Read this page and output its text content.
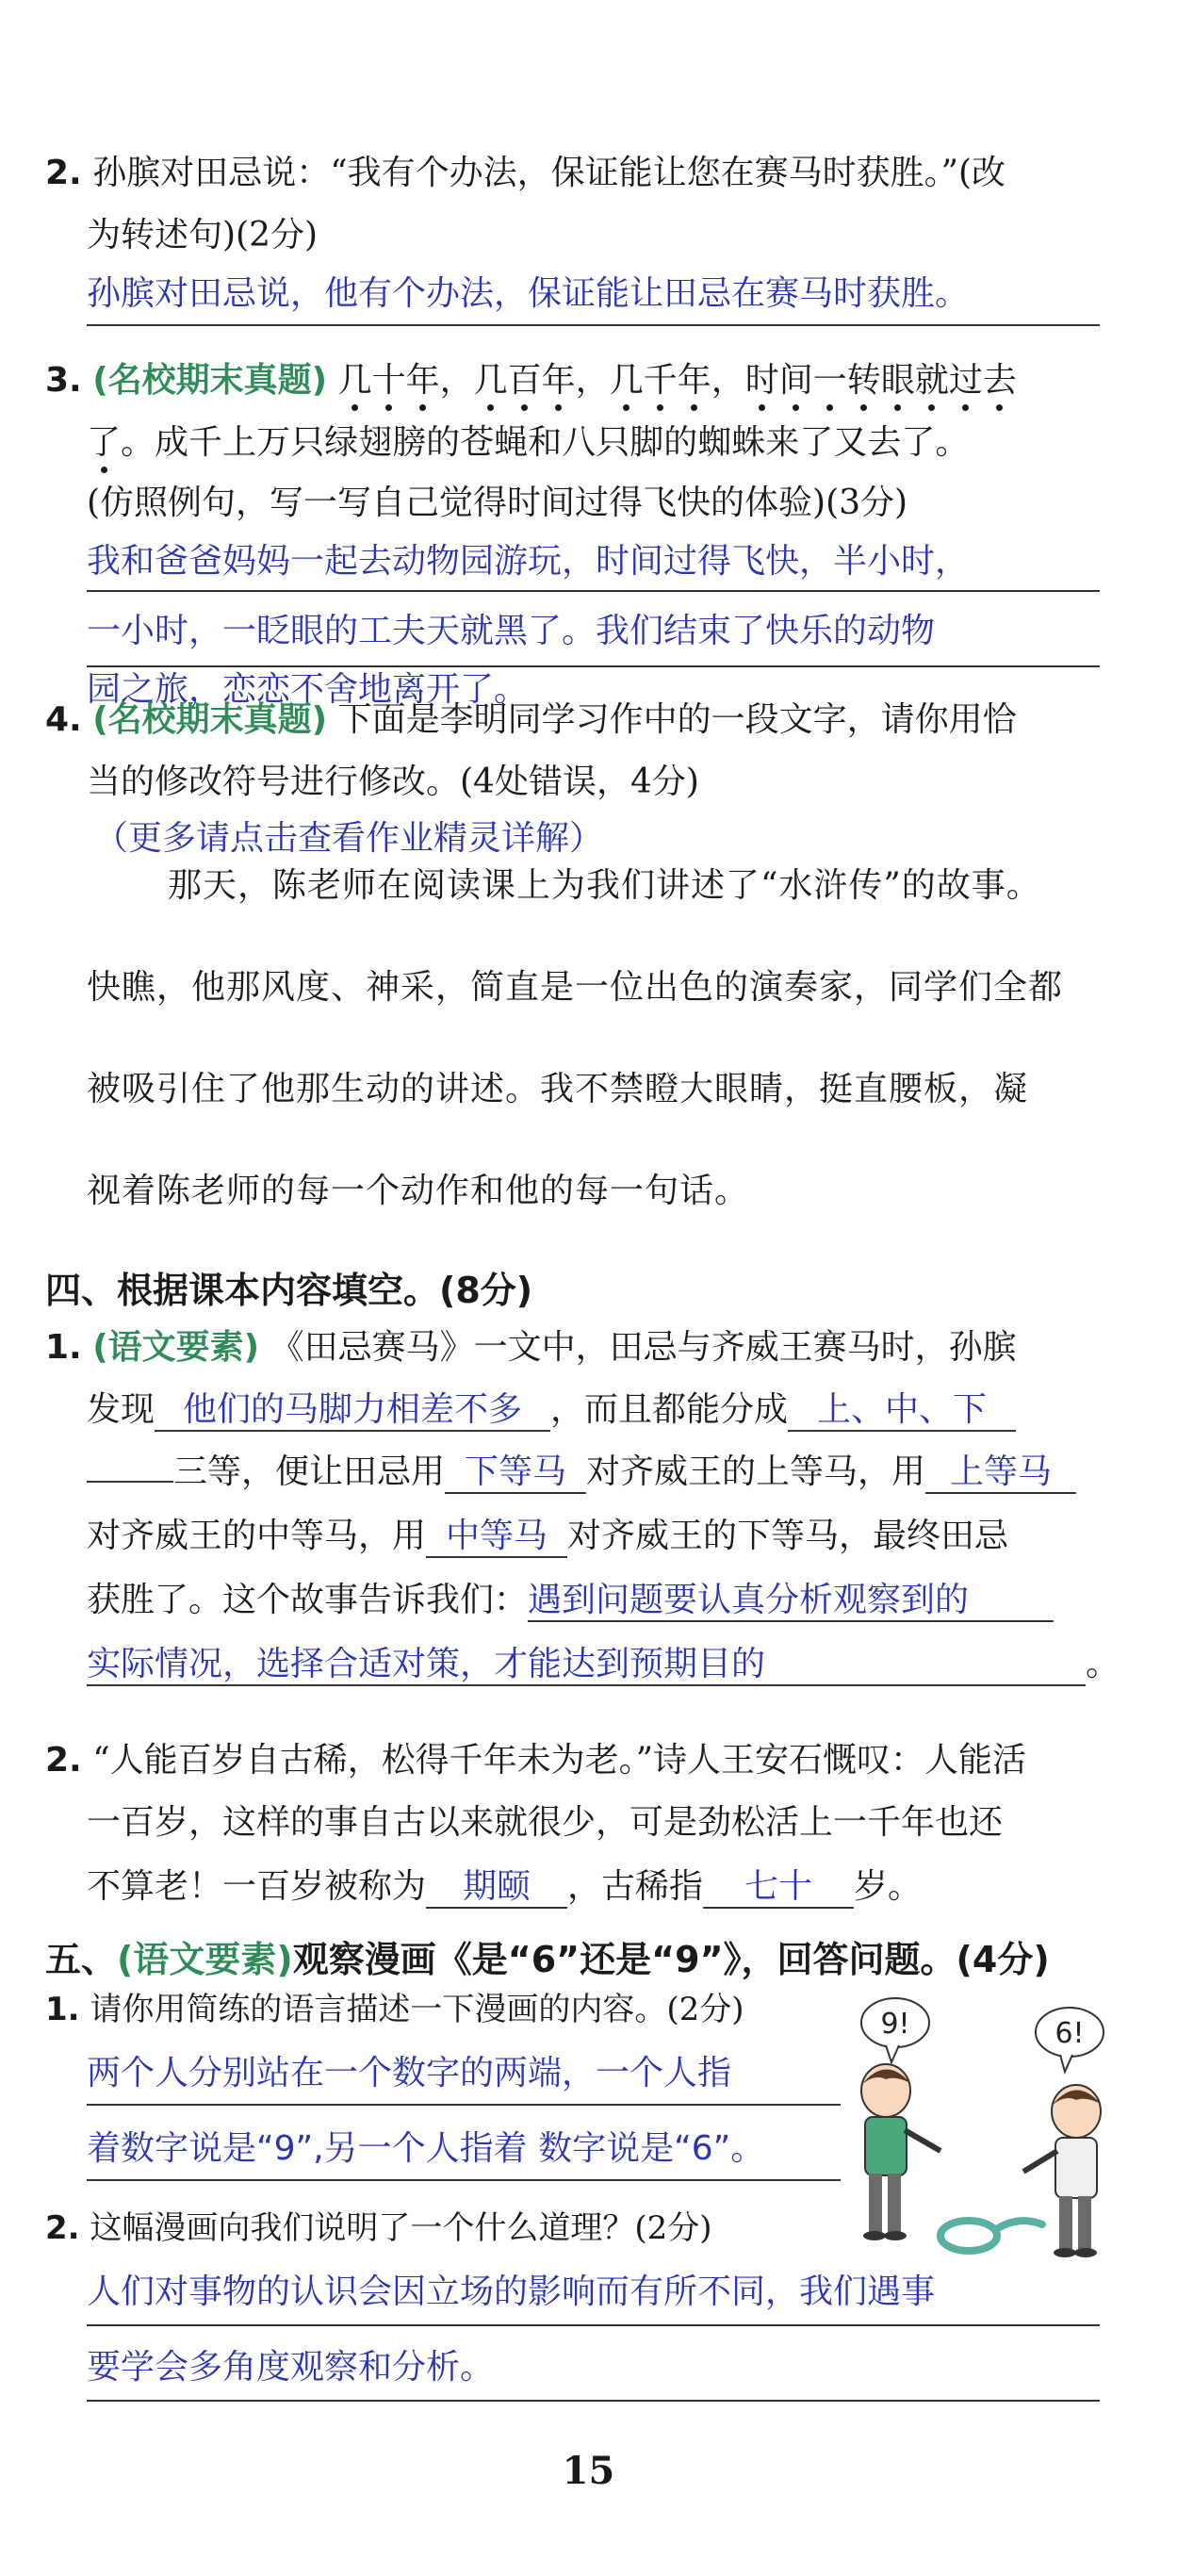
2. 孙膑对田忌说：“我有个办法，保证能让您在赛马时获胜。”(改
为转述句)(2分)
孙膑对田忌说，他有个办法，保证能让田忌在赛马时获胜。
3. (名校期末真题) 几十年，几百年，几千年，时间一转眼就过去
了。成千上万只绿翅膀的苍蝇和八只脚的蜘蛛来了又去了。
(仿照例句，写一写自己觉得时间过得飞快的体验)(3分)
我和爸爸妈妈一起去动物园游玩，时间过得飞快，半小时，
一小时，一眨眼的工夫天就黑了。我们结束了快乐的动物
园之旅，恋恋不舍地离开了。
4. (名校期末真题) 下面是李明同学习作中的一段文字，请你用恰
当的修改符号进行修改。(4处错误，4分)
（更多请点击查看作业精灵详解）
那天，陈老师在阅读课上为我们讲述了“水浒传”的故事。
快瞧，他那风度、神采，简直是一位出色的演奏家，同学们全都
被吸引住了他那生动的讲述。我不禁瞪大眼睛，挺直腰板，凝
视着陈老师的每一个动作和他的每一句话。
四、根据课本内容填空。(8分)
1. (语文要素) 《田忌赛马》一文中，田忌与齐威王赛马时，孙膑
发现 他们的马脚力相差不多 ，而且都能分成 上、中、下
三等，便让田忌用 下等马 对齐威王的上等马，用 上等马
对齐威王的中等马，用 中等马 对齐威王的下等马，最终田忌
获胜了。这个故事告诉我们：遇到问题要认真分析观察到的
实际情况，选择合适对策，才能达到预期目的	。
2. “人能百岁自古稀，松得千年未为老。”诗人王安石慨叹：人能活
一百岁，这样的事自古以来就很少，可是劲松活上一千年也还
不算老！一百岁被称为 期颐 ，古稀指 七十 岁。
五、(语文要素)观察漫画《是“6”还是“9”》，回答问题。(4分)
1. 请你用简练的语言描述一下漫画的内容。(2分)
两个人分别站在一个数字的两端，一个人指
着数字说是“9”,另一个人指着 数字说是“6”。
9!	6!
2. 这幅漫画向我们说明了一个什么道理？(2分)
人们对事物的认识会因立场的影响而有所不同，我们遇事
要学会多角度观察和分析。
15
